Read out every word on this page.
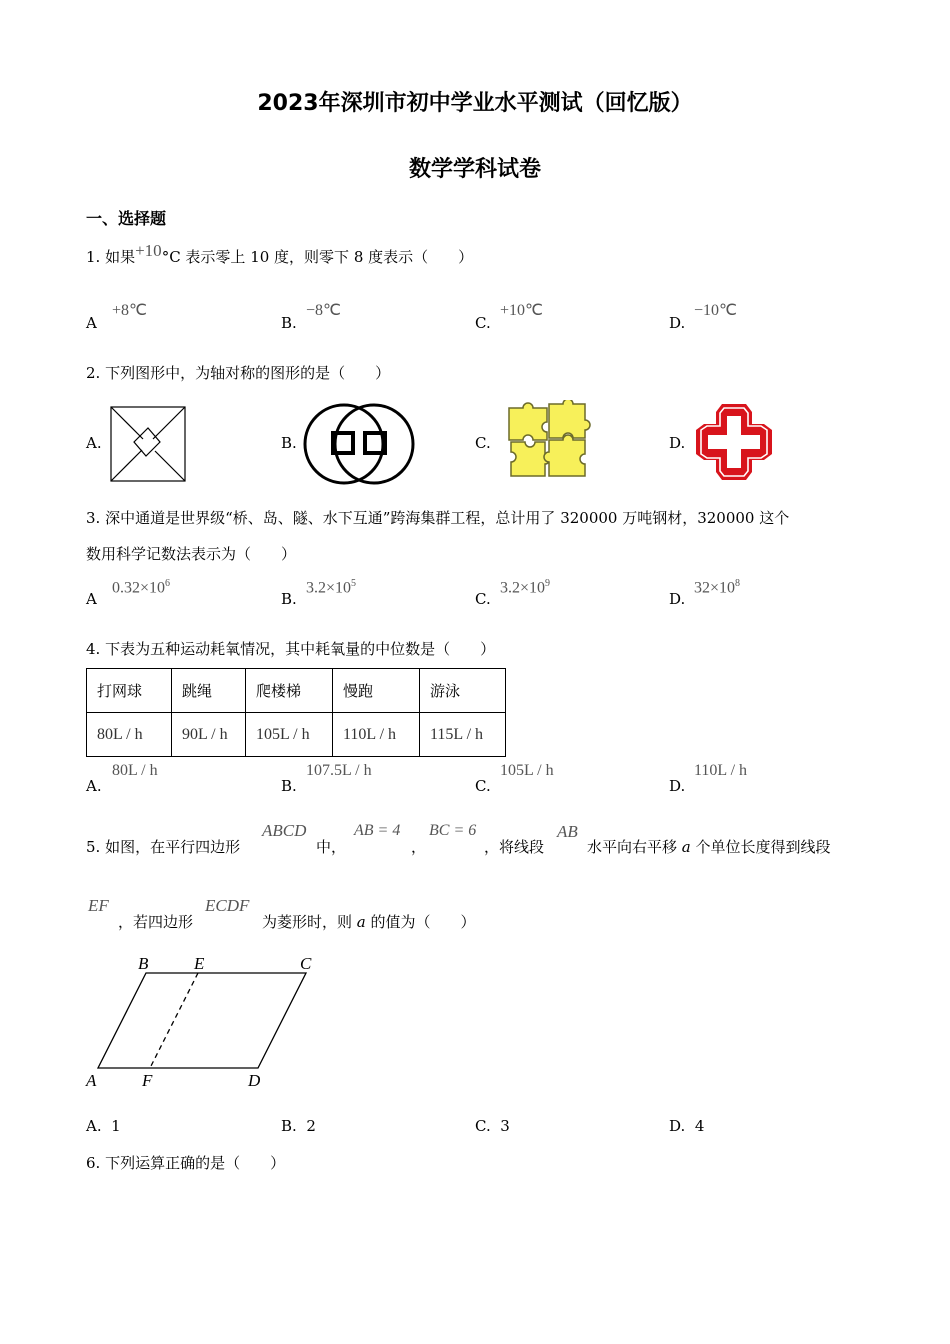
2023年深圳市初中学业水平测试（回忆版）
数学学科试卷
一、选择题
1. 如果+10°C 表示零上 10 度，则零下 8 度表示（　　）
A
+8℃
B.
−8℃
C.
+10℃
D.
−10℃
2. 下列图形中，为轴对称的图形的是（　　）
A.	B.	C.	D.
3. 深中通道是世界级“桥、岛、隧、水下互通”跨海集群工程，总计用了 320000 万吨钢材，320000 这个
数用科学记数法表示为（　　）
A
$0.32\times 10^6$
B.
$3.2\times 10^5$
C.
$3.2\times 10^9$
D.
$32\times 10^8$
4. 下表为五种运动耗氧情况，其中耗氧量的中位数是（　　）
打网球	跳绳	爬楼梯	慢跑	游泳
80L / h	90L / h	105L / h	110L / h	115L / h
A.
80L / h
B.
107.5L / h
C.
105L / h
D.
110L / h
5. 如图，在平行四边形
ABCD
中，
AB = 4
，
BC = 6
，将线段
AB
水平向右平移 a 个单位长度得到线段
EF
，若四边形
ECDF
为菱形时，则 a 的值为（　　）
B	E	C
A	F	D
A. 1	B. 2	C. 3	D. 4
6. 下列运算正确的是（　　）
